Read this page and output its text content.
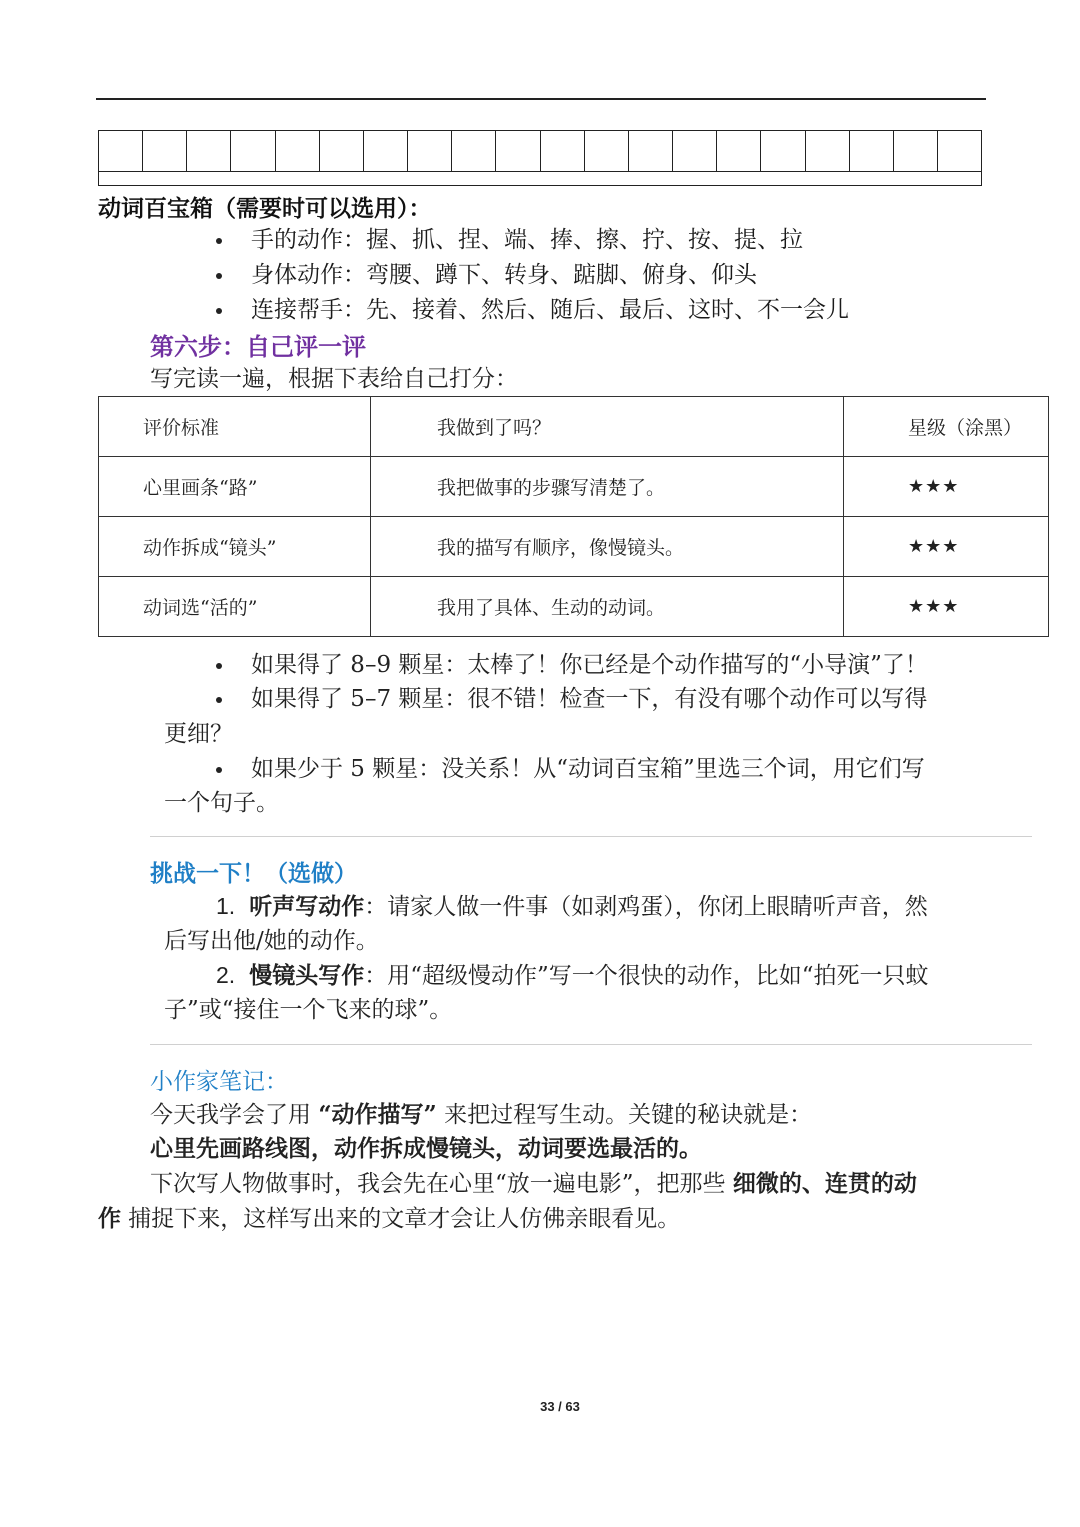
动词百宝箱（需要时可以选用）：
手的动作：握、抓、捏、端、捧、擦、拧、按、提、拉
身体动作：弯腰、蹲下、转身、踮脚、俯身、仰头
连接帮手：先、接着、然后、随后、最后、这时、不一会儿
第六步：自己评一评
写完读一遍，根据下表给自己打分：
评价标准	我做到了吗？	星级（涂黑）
心里画条“路”	我把做事的步骤写清楚了。	★★★
动作拆成“镜头”	我的描写有顺序，像慢镜头。	★★★
动词选“活的”	我用了具体、生动的动词。	★★★
如果得了 8–9 颗星：太棒了！你已经是个动作描写的“小导演”了！
如果得了 5–7 颗星：很不错！检查一下，有没有哪个动作可以写得
更细？
如果少于 5 颗星：没关系！从“动词百宝箱”里选三个词，用它们写
一个句子。
挑战一下！（选做）
1. 听声写动作：请家人做一件事（如剥鸡蛋），你闭上眼睛听声音，然
后写出他/她的动作。
2. 慢镜头写作：用“超级慢动作”写一个很快的动作，比如“拍死一只蚊
子”或“接住一个飞来的球”。
小作家笔记：
今天我学会了用 “动作描写” 来把过程写生动。关键的秘诀就是：
心里先画路线图，动作拆成慢镜头，动词要选最活的。
下次写人物做事时，我会先在心里“放一遍电影”，把那些 细微的、连贯的动
作 捕捉下来，这样写出来的文章才会让人仿佛亲眼看见。
33 / 63
